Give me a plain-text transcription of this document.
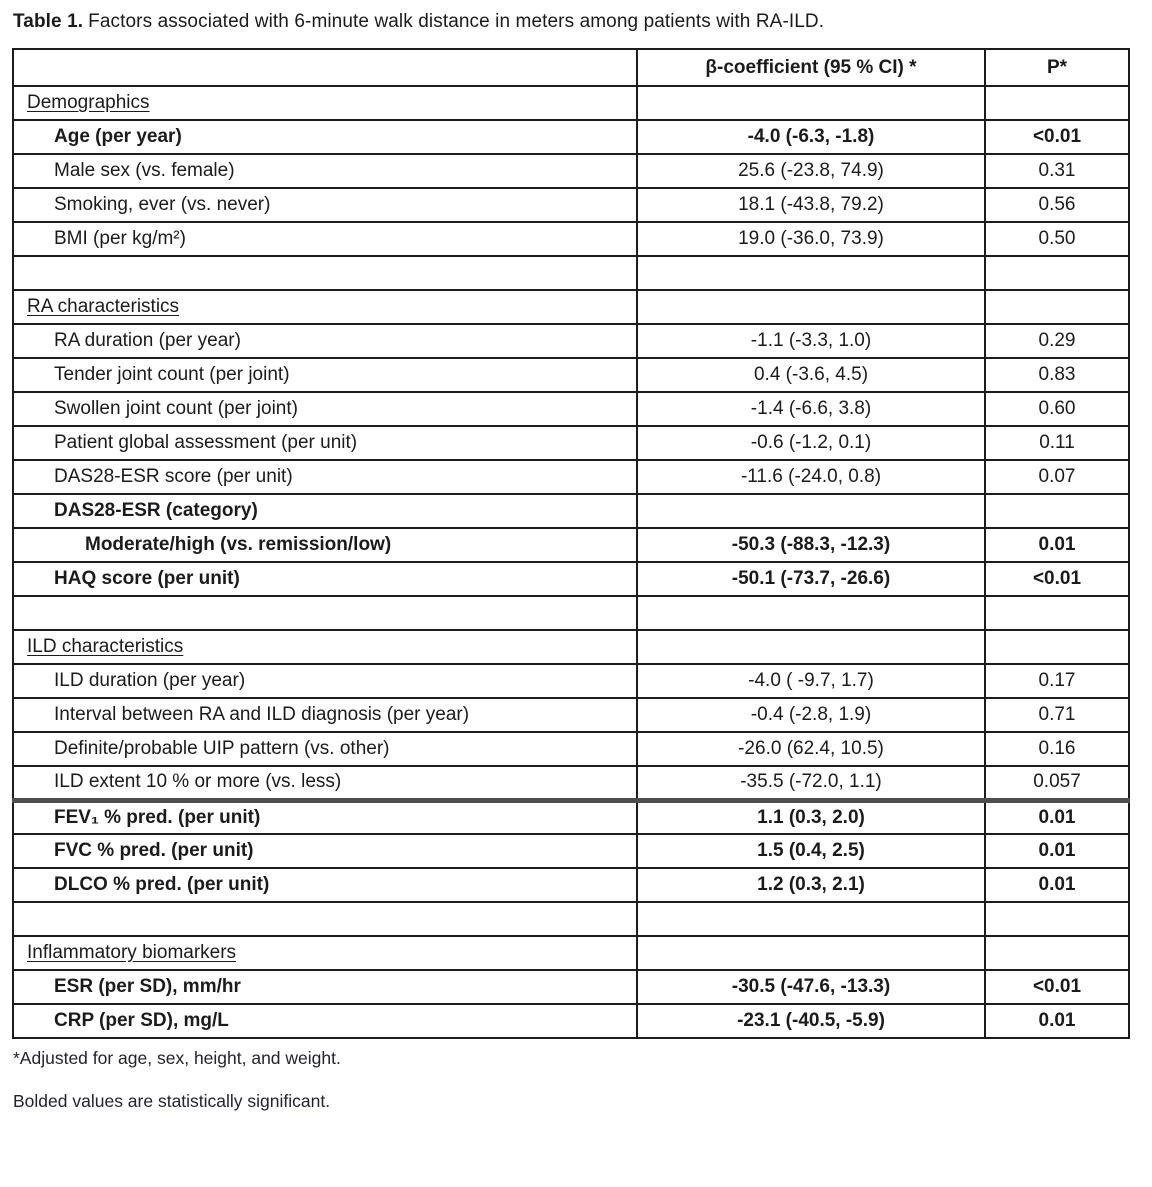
Table 1. Factors associated with 6-minute walk distance in meters among patients with RA-ILD.
	β-coefficient (95 % CI) *	P*
Demographics		
Age (per year)	-4.0 (-6.3, -1.8)	<0.01
Male sex (vs. female)	25.6 (-23.8, 74.9)	0.31
Smoking, ever (vs. never)	18.1 (-43.8, 79.2)	0.56
BMI (per kg/m²)	19.0 (-36.0, 73.9)	0.50

RA characteristics		
RA duration (per year)	-1.1 (-3.3, 1.0)	0.29
Tender joint count (per joint)	0.4 (-3.6, 4.5)	0.83
Swollen joint count (per joint)	-1.4 (-6.6, 3.8)	0.60
Patient global assessment (per unit)	-0.6 (-1.2, 0.1)	0.11
DAS28-ESR score (per unit)	-11.6 (-24.0, 0.8)	0.07
DAS28-ESR (category)		
Moderate/high (vs. remission/low)	-50.3 (-88.3, -12.3)	0.01
HAQ score (per unit)	-50.1 (-73.7, -26.6)	<0.01

ILD characteristics		
ILD duration (per year)	-4.0 ( -9.7, 1.7)	0.17
Interval between RA and ILD diagnosis (per year)	-0.4 (-2.8, 1.9)	0.71
Definite/probable UIP pattern (vs. other)	-26.0 (62.4, 10.5)	0.16
ILD extent 10 % or more (vs. less)	-35.5 (-72.0, 1.1)	0.057
FEV₁ % pred. (per unit)	1.1 (0.3, 2.0)	0.01
FVC % pred. (per unit)	1.5 (0.4, 2.5)	0.01
DLCO % pred. (per unit)	1.2 (0.3, 2.1)	0.01

Inflammatory biomarkers		
ESR (per SD), mm/hr	-30.5 (-47.6, -13.3)	<0.01
CRP (per SD), mg/L	-23.1 (-40.5, -5.9)	0.01
*Adjusted for age, sex, height, and weight.
Bolded values are statistically significant.
